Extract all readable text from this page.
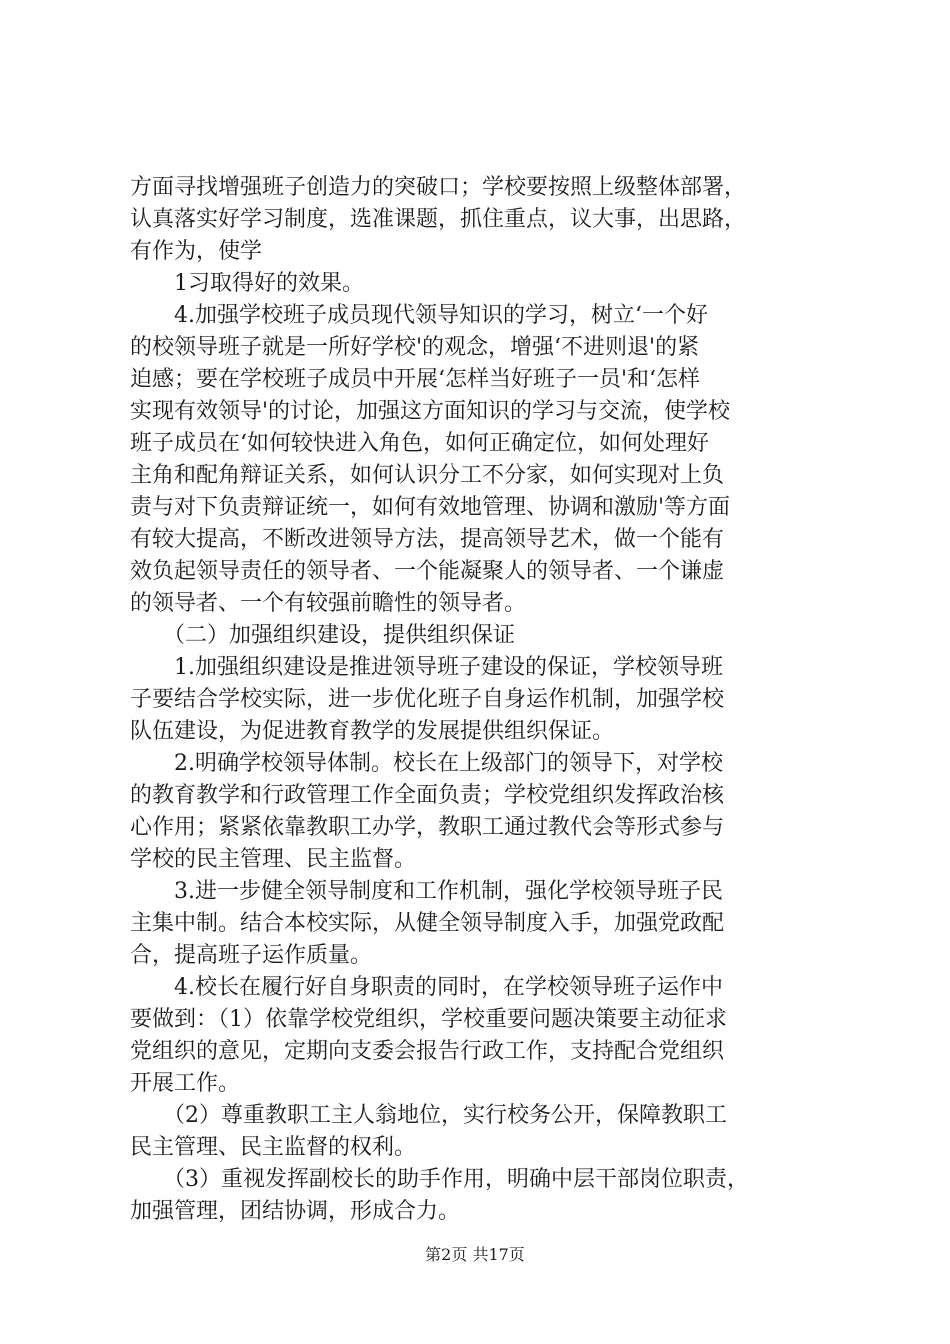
方面寻找增强班子创造力的突破口；学校要按照上级整体部署，
认真落实好学习制度，选准课题，抓住重点，议大事，出思路，
有作为，使学
　　1习取得好的效果。
　　4.加强学校班子成员现代领导知识的学习，树立‘一个好
的校领导班子就是一所好学校'的观念，增强‘不进则退'的紧
迫感；要在学校班子成员中开展‘怎样当好班子一员'和‘怎样
实现有效领导'的讨论，加强这方面知识的学习与交流，使学校
班子成员在‘如何较快进入角色，如何正确定位，如何处理好
主角和配角辩证关系，如何认识分工不分家，如何实现对上负
责与对下负责辩证统一，如何有效地管理、协调和激励'等方面
有较大提高，不断改进领导方法，提高领导艺术，做一个能有
效负起领导责任的领导者、一个能凝聚人的领导者、一个谦虚
的领导者、一个有较强前瞻性的领导者。
　　（二）加强组织建设，提供组织保证
　　1.加强组织建设是推进领导班子建设的保证，学校领导班
子要结合学校实际，进一步优化班子自身运作机制，加强学校
队伍建设，为促进教育教学的发展提供组织保证。
　　2.明确学校领导体制。校长在上级部门的领导下，对学校
的教育教学和行政管理工作全面负责；学校党组织发挥政治核
心作用；紧紧依靠教职工办学，教职工通过教代会等形式参与
学校的民主管理、民主监督。
　　3.进一步健全领导制度和工作机制，强化学校领导班子民
主集中制。结合本校实际，从健全领导制度入手，加强党政配
合，提高班子运作质量。
　　4.校长在履行好自身职责的同时，在学校领导班子运作中
要做到：（1）依靠学校党组织，学校重要问题决策要主动征求
党组织的意见，定期向支委会报告行政工作，支持配合党组织
开展工作。
　　（2）尊重教职工主人翁地位，实行校务公开，保障教职工
民主管理、民主监督的权利。
　　（3）重视发挥副校长的助手作用，明确中层干部岗位职责，
加强管理，团结协调，形成合力。
第2页 共17页
